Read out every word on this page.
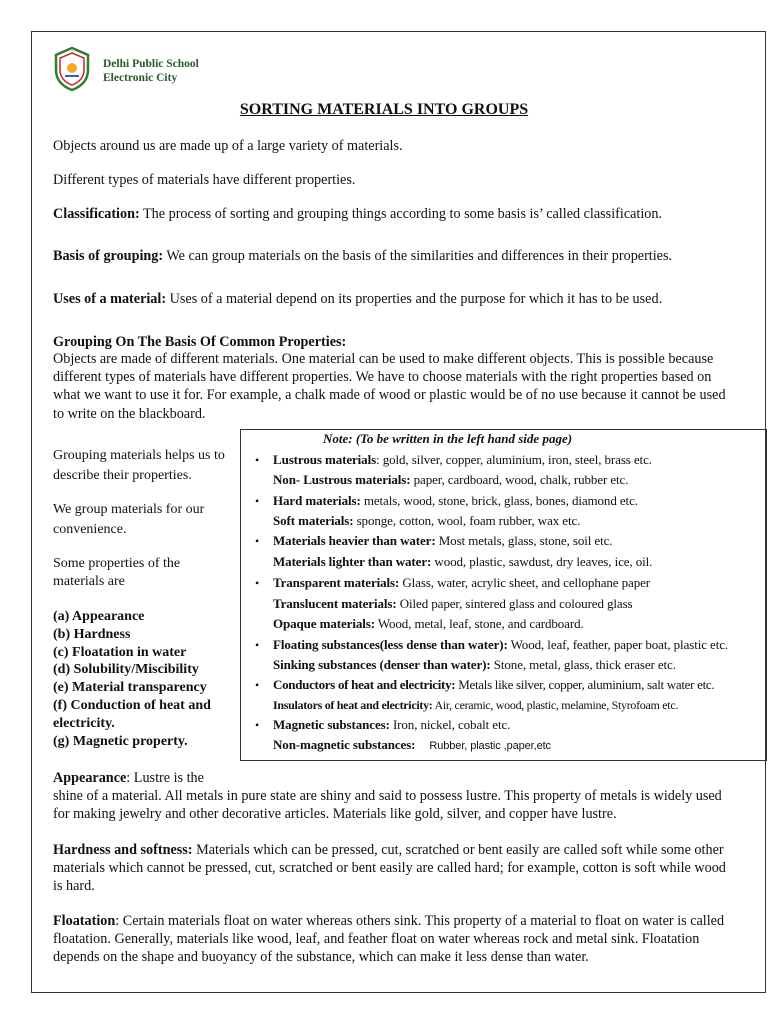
Delhi Public School
Electronic City
SORTING MATERIALS INTO GROUPS
Objects around us are made up of a large variety of materials.
Different types of materials have different properties.
Classification: The process of sorting and grouping things according to some basis is’ called classification.
Basis of grouping: We can group materials on the basis of the similarities and differences in their properties.
Uses of a material: Uses of a material depend on its properties and the purpose for which it has to be used.
Grouping On The Basis Of Common Properties:
Objects are made of different materials. One material can be used to make different objects. This is possible because different types of materials have different properties. We have to choose materials with the right properties based on what we want to use it for. For example, a chalk made of wood or plastic would be of no use because it cannot be used to write on the blackboard.
Grouping materials helps us to describe their properties.
We group materials for our convenience.
Some properties of the materials are
(a) Appearance
(b) Hardness
(c) Floatation in water
(d) Solubility/Miscibility
(e) Material transparency
(f) Conduction of heat and electricity.
(g) Magnetic property.
Note: (To be written in the left hand side page)
• Lustrous materials: gold, silver, copper, aluminium, iron, steel, brass etc.
Non- Lustrous materials: paper, cardboard, wood, chalk, rubber etc.
• Hard materials: metals, wood, stone, brick, glass, bones, diamond etc.
Soft materials: sponge, cotton, wool, foam rubber, wax etc.
• Materials heavier than water: Most metals, glass, stone, soil etc.
Materials lighter than water: wood, plastic, sawdust, dry leaves, ice, oil.
• Transparent materials: Glass, water, acrylic sheet, and cellophane paper
Translucent materials: Oiled paper, sintered glass and coloured glass
Opaque materials: Wood, metal, leaf, stone, and cardboard.
• Floating substances(less dense than water): Wood, leaf, feather, paper boat, plastic etc.
Sinking substances (denser than water): Stone, metal, glass, thick eraser etc.
• Conductors of heat and electricity: Metals like silver, copper, aluminium, salt water etc.
Insulators of heat and electricity: Air, ceramic, wood, plastic, melamine, Styrofoam etc.
• Magnetic substances: Iron, nickel, cobalt etc.
Non-magnetic substances: Rubber, plastic ,paper,etc
Appearance: Lustre is the
shine of a material. All metals in pure state are shiny and said to possess lustre. This property of metals is widely used for making jewelry and other decorative articles. Materials like gold, silver, and copper have lustre.
Hardness and softness: Materials which can be pressed, cut, scratched or bent easily are called soft while some other materials which cannot be pressed, cut, scratched or bent easily are called hard; for example, cotton is soft while wood is hard.
Floatation: Certain materials float on water whereas others sink. This property of a material to float on water is called floatation. Generally, materials like wood, leaf, and feather float on water whereas rock and metal sink. Floatation depends on the shape and buoyancy of the substance, which can make it less dense than water.
